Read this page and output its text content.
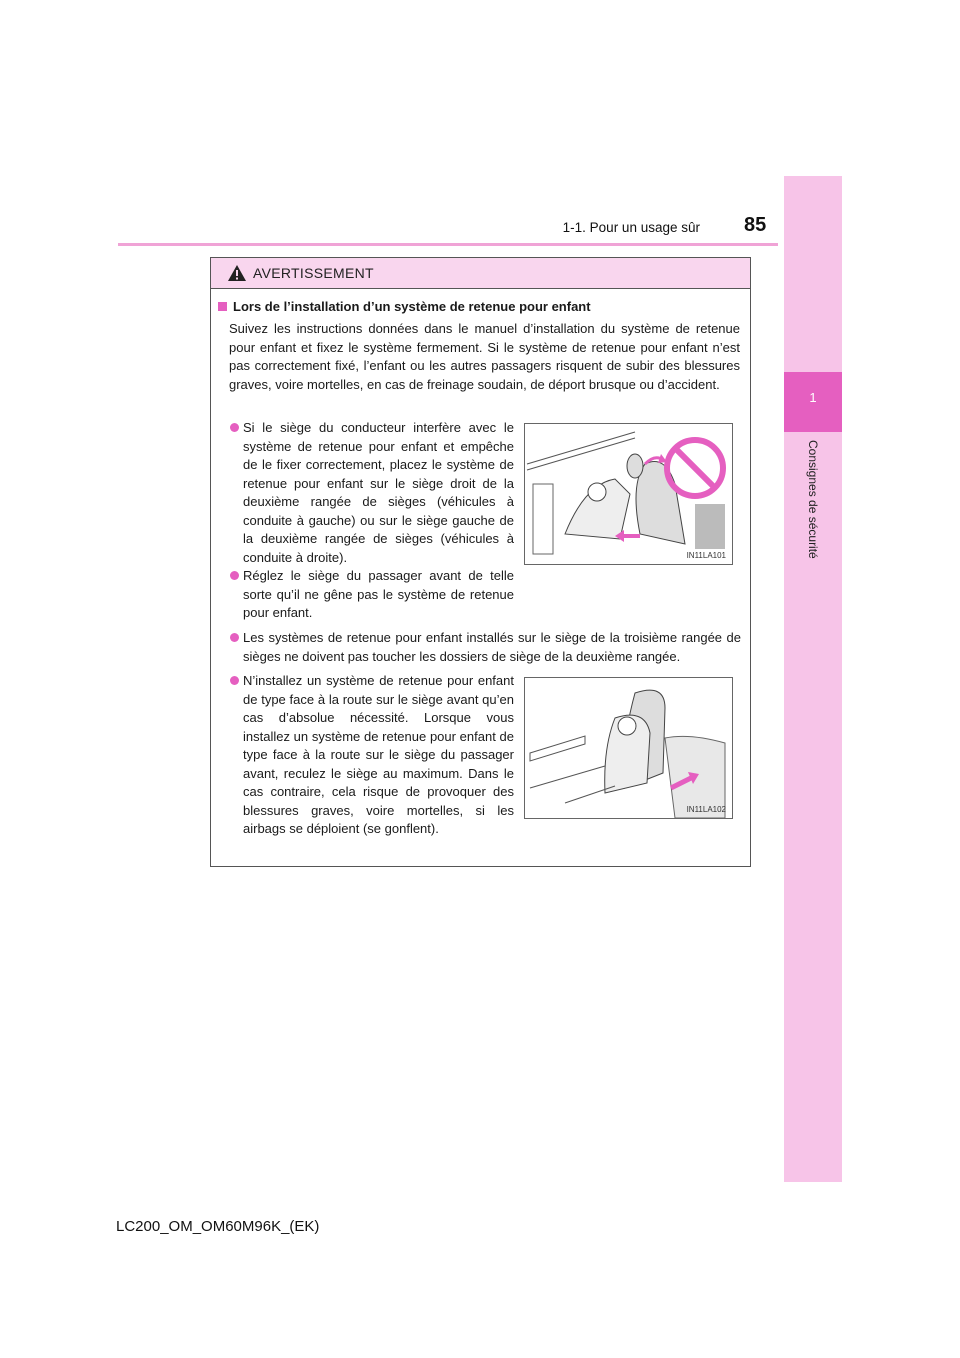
1-1. Pour un usage sûr 85
1
Consignes de sécurité
AVERTISSEMENT
Lors de l’installation d’un système de retenue pour enfant
Suivez les instructions données dans le manuel d’installation du système de retenue pour enfant et fixez le système fermement. Si le système de retenue pour enfant n’est pas correctement fixé, l’enfant ou les autres passagers risquent de subir des blessures graves, voire mortelles, en cas de freinage soudain, de déport brusque ou d’accident.
Si le siège du conducteur interfère avec le système de retenue pour enfant et empêche de le fixer correctement, placez le système de retenue pour enfant sur le siège droit de la deuxième rangée de sièges (véhicules à conduite à gauche) ou sur le siège gauche de la deuxième rangée de sièges (véhicules à conduite à droite).
Réglez le siège du passager avant de telle sorte qu’il ne gêne pas le système de retenue pour enfant.
Les systèmes de retenue pour enfant installés sur le siège de la troisième rangée de sièges ne doivent pas toucher les dossiers de siège de la deuxième rangée.
N’installez un système de retenue pour enfant de type face à la route sur le siège avant qu’en cas d’absolue nécessité. Lorsque vous installez un système de retenue pour enfant de type face à la route sur le siège du passager avant, reculez le siège au maximum. Dans le cas contraire, cela risque de provoquer des blessures graves, voire mortelles, si les airbags se déploient (se gonflent).
IN11LA101
IN11LA102
LC200_OM_OM60M96K_(EK)
